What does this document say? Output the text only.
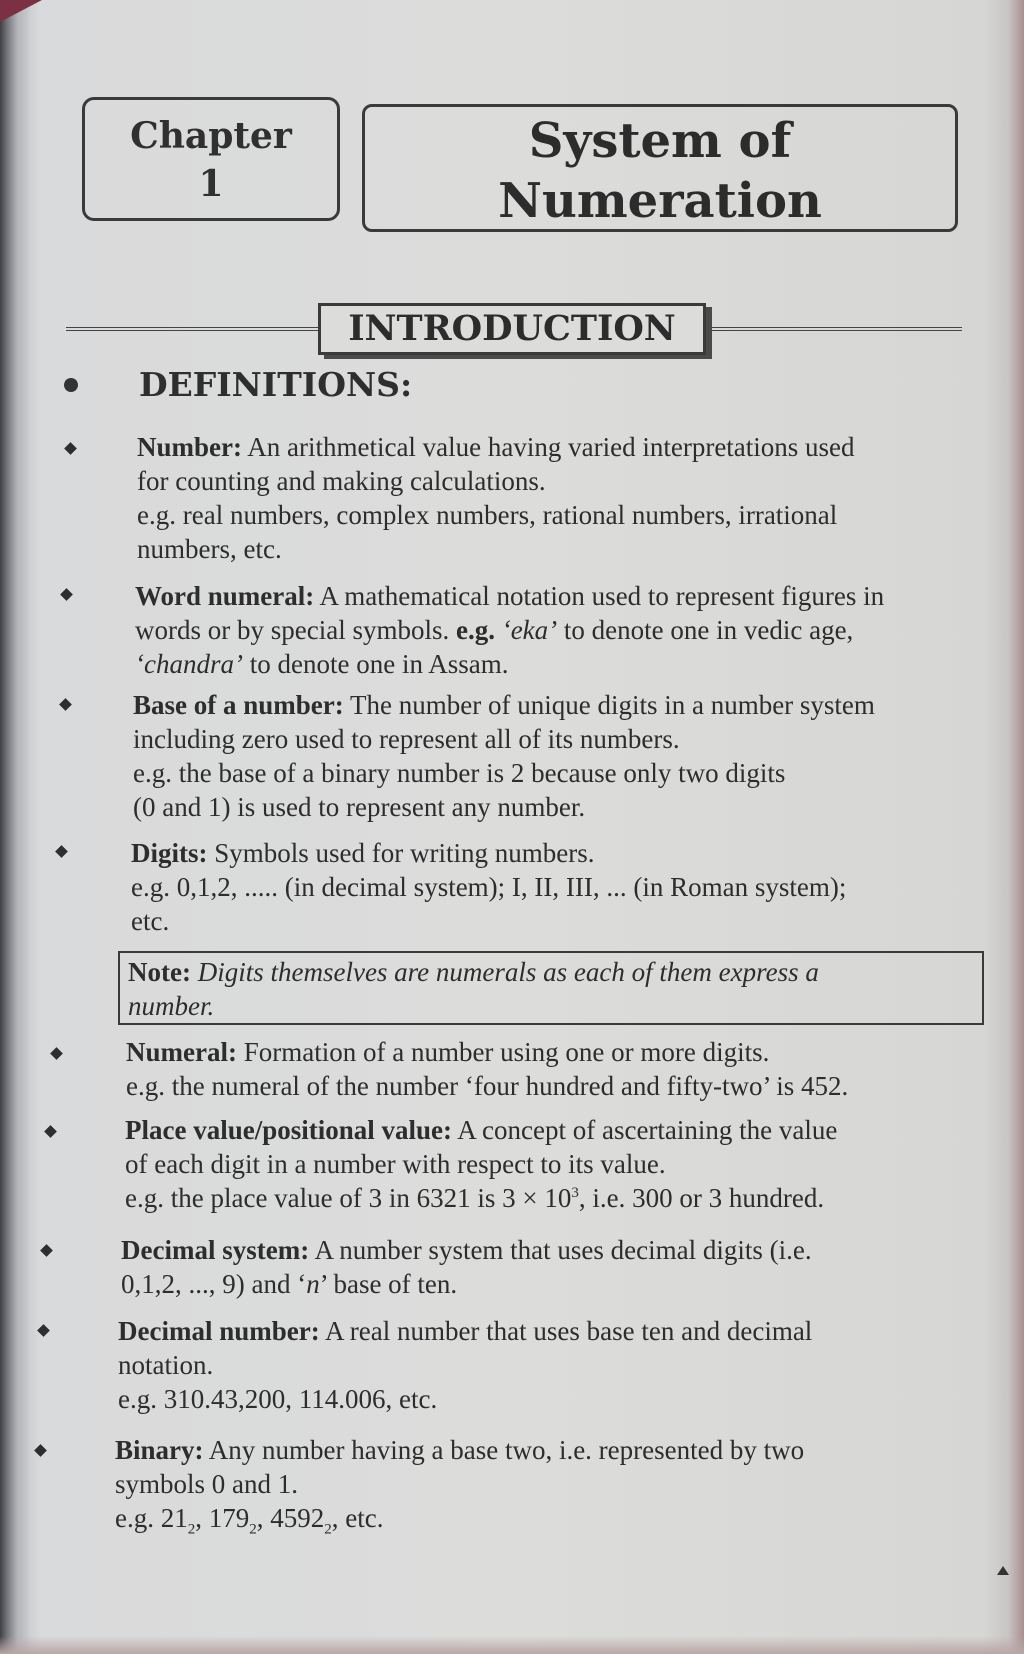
Chapter
1
System of
Numeration
INTRODUCTION
DEFINITIONS:

Number: An arithmetical value having varied interpretations used

for counting and making calculations.

e.g. real numbers, complex numbers, rational numbers, irrational

numbers, etc.

Word numeral: A mathematical notation used to represent figures in

words or by special symbols. e.g. ‘eka’ to denote one in vedic age,

‘chandra’ to denote one in Assam.

Base of a number: The number of unique digits in a number system

including zero used to represent all of its numbers.

e.g. the base of a binary number is 2 because only two digits

(0 and 1) is used to represent any number.

Digits: Symbols used for writing numbers.

e.g. 0,1,2, ..... (in decimal system); I, II, III, ... (in Roman system);

etc.

Note: Digits themselves are numerals as each of them express a

number.

Numeral: Formation of a number using one or more digits.

e.g. the numeral of the number ‘four hundred and fifty-two’ is 452.

Place value/positional value: A concept of ascertaining the value

of each digit in a number with respect to its value.

e.g. the place value of 3 in 6321 is $3 \times 10^3$, i.e. 300 or 3 hundred.

Decimal system: A number system that uses decimal digits (i.e.

0,1,2, ..., 9) and ‘n’ base of ten.

Decimal number: A real number that uses base ten and decimal

notation.

e.g. 310.43,200, 114.006, etc.

Binary: Any number having a base two, i.e. represented by two

symbols 0 and 1.

e.g. $21_2$, $179_2$, $4592_2$, etc.
